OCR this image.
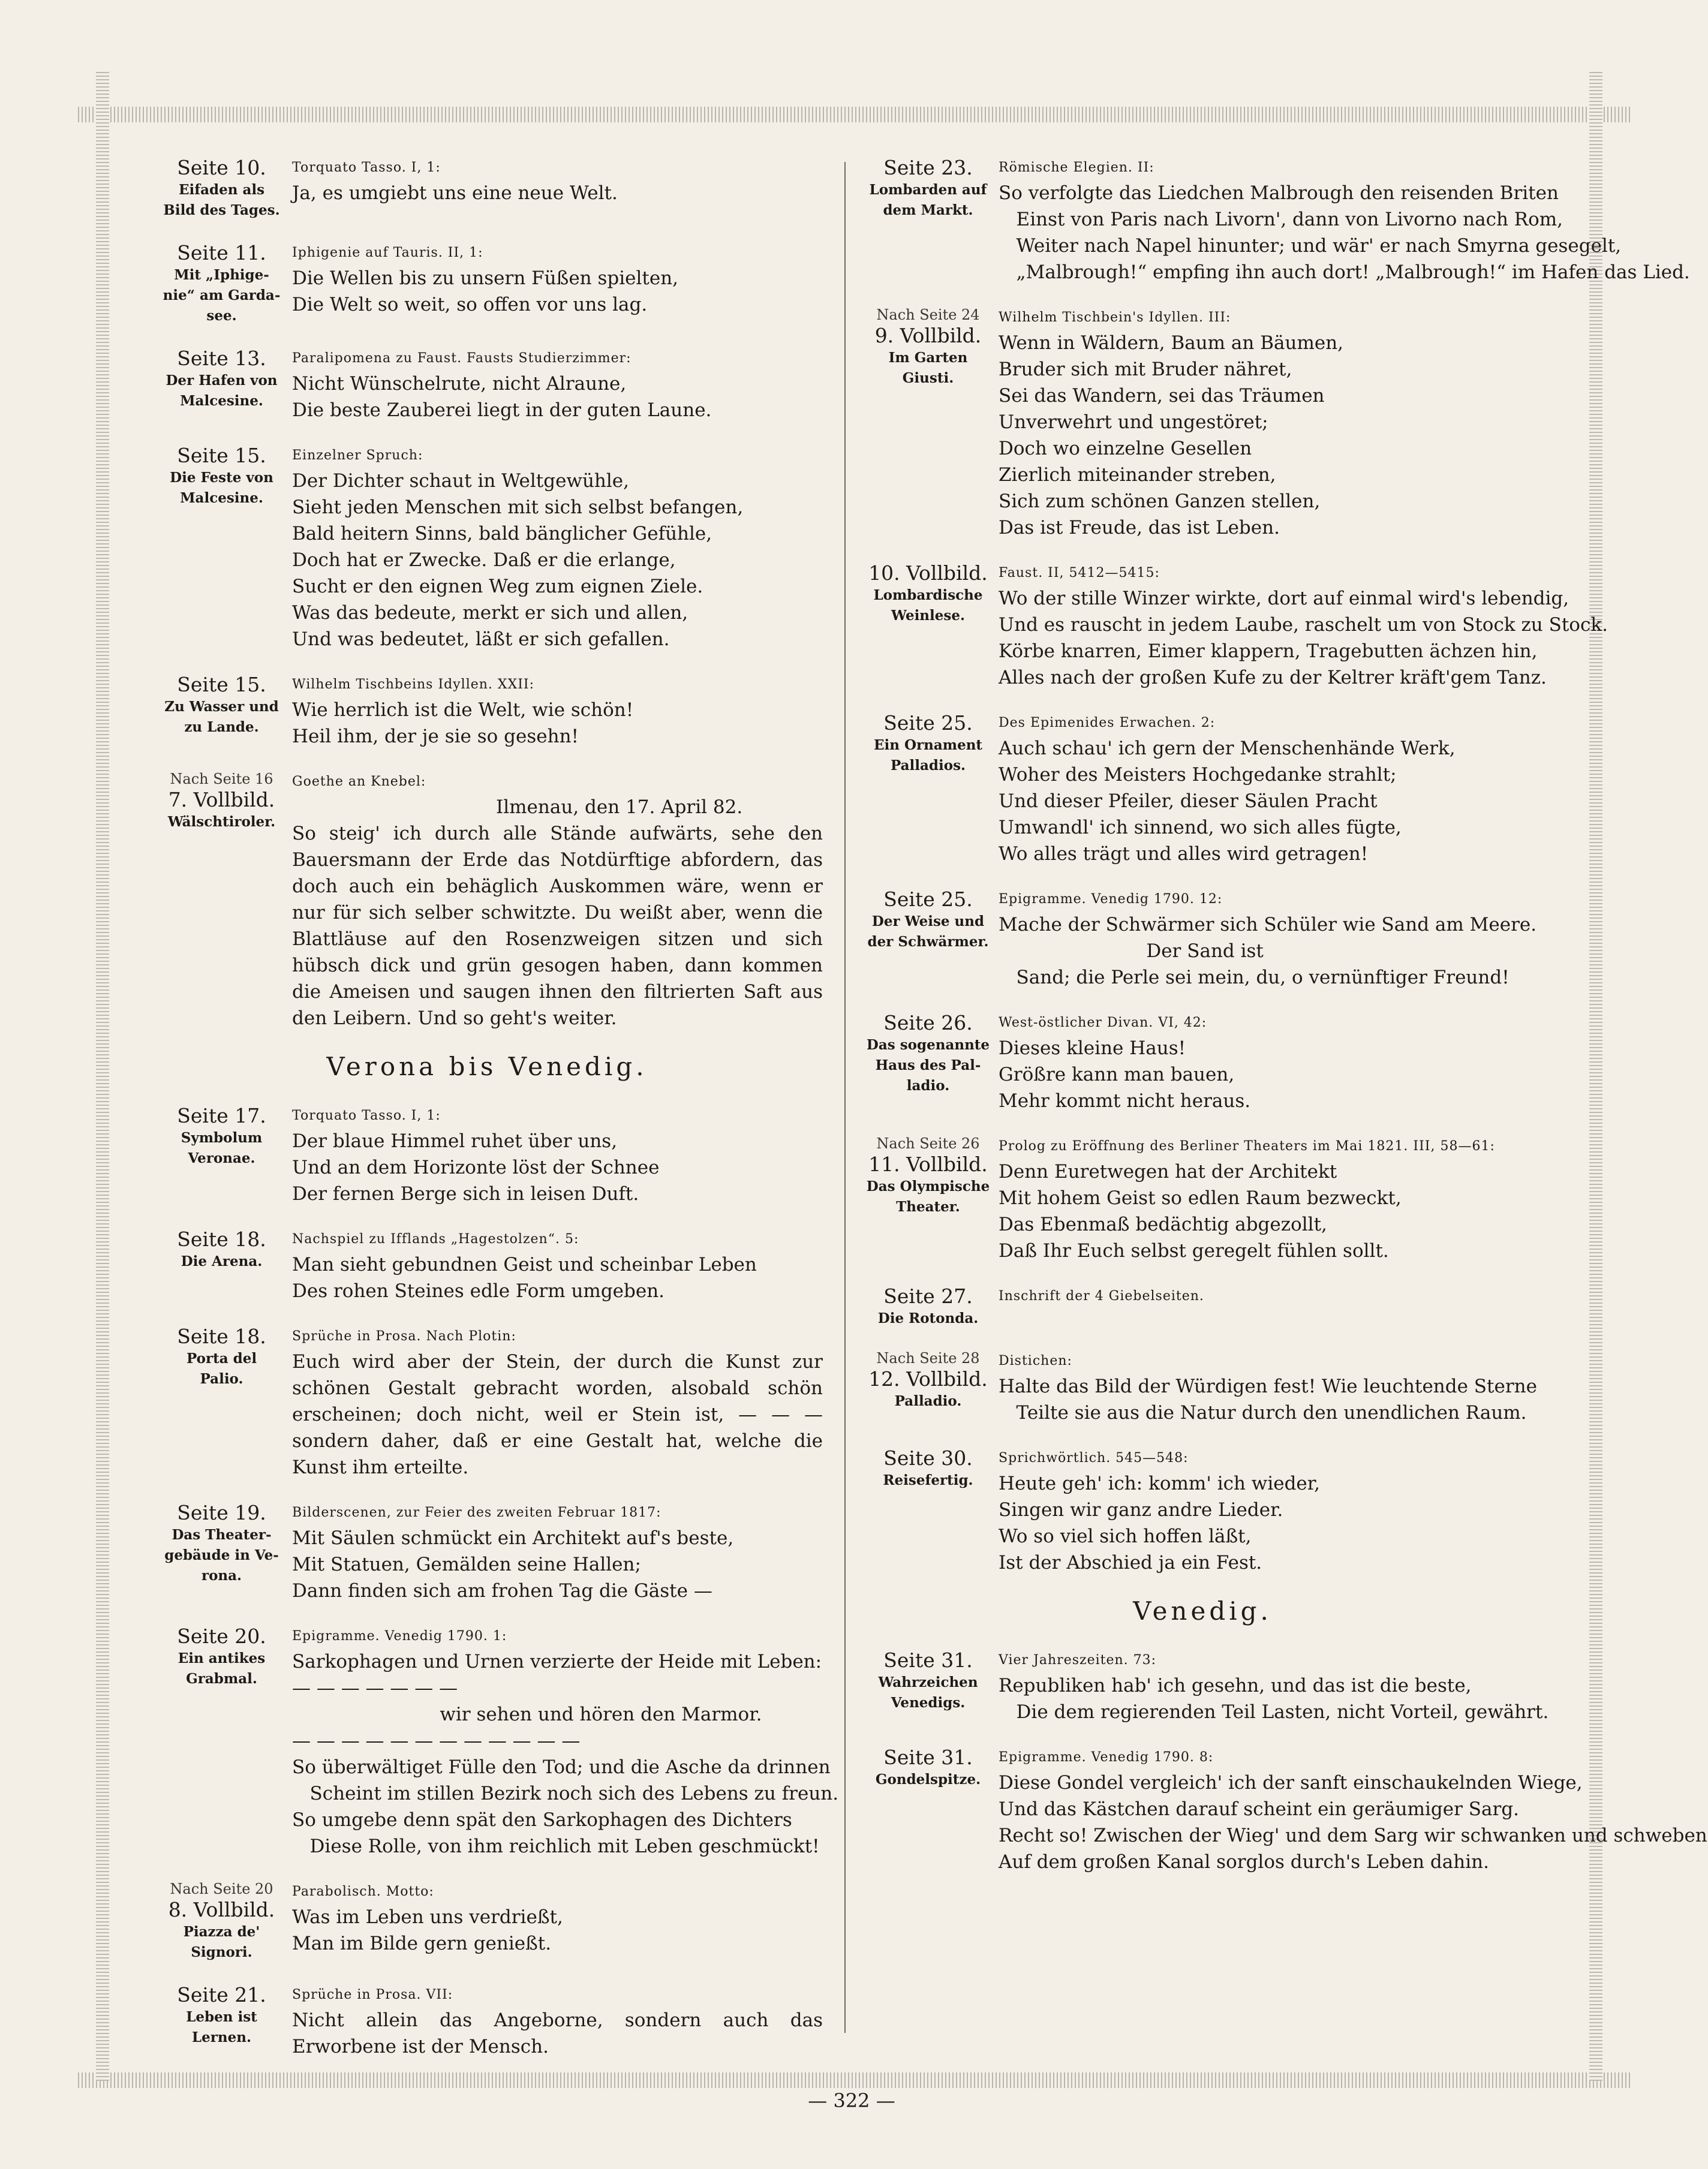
Seite 10.
Eifaden als
Bild des Tages.
Torquato Tasso. I, 1:
Ja, es umgiebt uns eine neue Welt.
Seite 11.
Mit „Iphige-
nie“ am Garda-
see.
Iphigenie auf Tauris. II, 1:
Die Wellen bis zu unsern Füßen spielten,
Die Welt so weit, so offen vor uns lag.
Seite 13.
Der Hafen von
Malcesine.
Paralipomena zu Faust. Fausts Studierzimmer:
Nicht Wünschelrute, nicht Alraune,
Die beste Zauberei liegt in der guten Laune.
Seite 15.
Die Feste von
Malcesine.
Einzelner Spruch:
Der Dichter schaut in Weltgewühle,
Sieht jeden Menschen mit sich selbst befangen,
Bald heitern Sinns, bald bänglicher Gefühle,
Doch hat er Zwecke. Daß er die erlange,
Sucht er den eignen Weg zum eignen Ziele.
Was das bedeute, merkt er sich und allen,
Und was bedeutet, läßt er sich gefallen.
Seite 15.
Zu Wasser und
zu Lande.
Wilhelm Tischbeins Idyllen. XXII:
Wie herrlich ist die Welt, wie schön!
Heil ihm, der je sie so gesehn!
Nach Seite 16
7. Vollbild.
Wälschtiroler.
Goethe an Knebel:
Ilmenau, den 17. April 82.
So steig' ich durch alle Stände aufwärts, sehe den Bauersmann der Erde das Notdürftige abfordern, das doch auch ein behäglich Auskommen wäre, wenn er nur für sich selber schwitzte. Du weißt aber, wenn die Blattläuse auf den Rosenzweigen sitzen und sich hübsch dick und grün gesogen haben, dann kommen die Ameisen und saugen ihnen den filtrierten Saft aus den Leibern. Und so geht's weiter.
Verona bis Venedig.
Seite 17.
Symbolum
Veronae.
Torquato Tasso. I, 1:
Der blaue Himmel ruhet über uns,
Und an dem Horizonte löst der Schnee
Der fernen Berge sich in leisen Duft.
Seite 18.
Die Arena.
Nachspiel zu Ifflands „Hagestolzen“. 5:
Man sieht gebundnen Geist und scheinbar Leben
Des rohen Steines edle Form umgeben.
Seite 18.
Porta del
Palio.
Sprüche in Prosa. Nach Plotin:
Euch wird aber der Stein, der durch die Kunst zur schönen Gestalt gebracht worden, alsobald schön erscheinen; doch nicht, weil er Stein ist, — — — sondern daher, daß er eine Gestalt hat, welche die Kunst ihm erteilte.
Seite 19.
Das Theater-
gebäude in Ve-
rona.
Bilderscenen, zur Feier des zweiten Februar 1817:
Mit Säulen schmückt ein Architekt auf's beste,
Mit Statuen, Gemälden seine Hallen;
Dann finden sich am frohen Tag die Gäste —
Seite 20.
Ein antikes
Grabmal.
Epigramme. Venedig 1790. 1:
Sarkophagen und Urnen verzierte der Heide mit Leben:
— — — — — — —
wir sehen und hören den Marmor.
— — — — — — — — — — — —
So überwältiget Fülle den Tod; und die Asche da drinnen
Scheint im stillen Bezirk noch sich des Lebens zu freun.
So umgebe denn spät den Sarkophagen des Dichters
Diese Rolle, von ihm reichlich mit Leben geschmückt!
Nach Seite 20
8. Vollbild.
Piazza de'
Signori.
Parabolisch. Motto:
Was im Leben uns verdrießt,
Man im Bilde gern genießt.
Seite 21.
Leben ist
Lernen.
Sprüche in Prosa. VII:
Nicht allein das Angeborne, sondern auch das Erworbene ist der Mensch.
Seite 23.
Lombarden auf
dem Markt.
Römische Elegien. II:
So verfolgte das Liedchen Malbrough den reisenden Briten
Einst von Paris nach Livorn', dann von Livorno nach Rom,
Weiter nach Napel hinunter; und wär' er nach Smyrna gesegelt,
„Malbrough!“ empfing ihn auch dort! „Malbrough!“ im Hafen das Lied.
Nach Seite 24
9. Vollbild.
Im Garten
Giusti.
Wilhelm Tischbein's Idyllen. III:
Wenn in Wäldern, Baum an Bäumen,
Bruder sich mit Bruder nähret,
Sei das Wandern, sei das Träumen
Unverwehrt und ungestöret;
Doch wo einzelne Gesellen
Zierlich miteinander streben,
Sich zum schönen Ganzen stellen,
Das ist Freude, das ist Leben.
10. Vollbild.
Lombardische
Weinlese.
Faust. II, 5412—5415:
Wo der stille Winzer wirkte, dort auf einmal wird's lebendig,
Und es rauscht in jedem Laube, raschelt um von Stock zu Stock.
Körbe knarren, Eimer klappern, Tragebutten ächzen hin,
Alles nach der großen Kufe zu der Keltrer kräft'gem Tanz.
Seite 25.
Ein Ornament
Palladios.
Des Epimenides Erwachen. 2:
Auch schau' ich gern der Menschenhände Werk,
Woher des Meisters Hochgedanke strahlt;
Und dieser Pfeiler, dieser Säulen Pracht
Umwandl' ich sinnend, wo sich alles fügte,
Wo alles trägt und alles wird getragen!
Seite 25.
Der Weise und
der Schwärmer.
Epigramme. Venedig 1790. 12:
Mache der Schwärmer sich Schüler wie Sand am Meere.
Der Sand ist
Sand; die Perle sei mein, du, o vernünftiger Freund!
Seite 26.
Das sogenannte
Haus des Pal-
ladio.
West-östlicher Divan. VI, 42:
Dieses kleine Haus!
Größre kann man bauen,
Mehr kommt nicht heraus.
Nach Seite 26
11. Vollbild.
Das Olympische
Theater.
Prolog zu Eröffnung des Berliner Theaters im Mai 1821. III, 58—61:
Denn Euretwegen hat der Architekt
Mit hohem Geist so edlen Raum bezweckt,
Das Ebenmaß bedächtig abgezollt,
Daß Ihr Euch selbst geregelt fühlen sollt.
Seite 27.
Die Rotonda.
Inschrift der 4 Giebelseiten.
Nach Seite 28
12. Vollbild.
Palladio.
Distichen:
Halte das Bild der Würdigen fest! Wie leuchtende Sterne
Teilte sie aus die Natur durch den unendlichen Raum.
Seite 30.
Reisefertig.
Sprichwörtlich. 545—548:
Heute geh' ich: komm' ich wieder,
Singen wir ganz andre Lieder.
Wo so viel sich hoffen läßt,
Ist der Abschied ja ein Fest.
Venedig.
Seite 31.
Wahrzeichen
Venedigs.
Vier Jahreszeiten. 73:
Republiken hab' ich gesehn, und das ist die beste,
Die dem regierenden Teil Lasten, nicht Vorteil, gewährt.
Seite 31.
Gondelspitze.
Epigramme. Venedig 1790. 8:
Diese Gondel vergleich' ich der sanft einschaukelnden Wiege,
Und das Kästchen darauf scheint ein geräumiger Sarg.
Recht so! Zwischen der Wieg' und dem Sarg wir schwanken und schweben
Auf dem großen Kanal sorglos durch's Leben dahin.
— 322 —
